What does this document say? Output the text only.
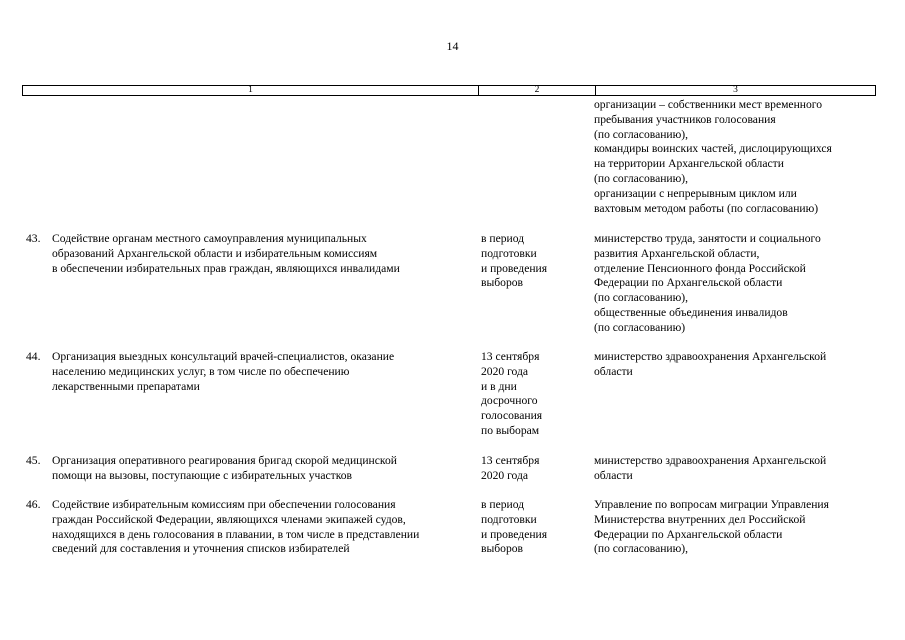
14
1	2	3
организации – собственники мест временного
пребывания участников голосования
(по согласованию),
командиры воинских частей, дислоцирующихся
на территории Архангельской области
(по согласованию),
организации с непрерывным циклом или
вахтовым методом работы (по согласованию)
43. Содействие органам местного самоуправления муниципальных
образований Архангельской области и избирательным комиссиям
в обеспечении избирательных прав граждан, являющихся инвалидами
в период
подготовки
и проведения
выборов
министерство труда, занятости и социального
развития Архангельской области,
отделение Пенсионного фонда Российской
Федерации по Архангельской области
(по согласованию),
общественные объединения инвалидов
(по согласованию)
44. Организация выездных консультаций врачей-специалистов, оказание
населению медицинских услуг, в том числе по обеспечению
лекарственными препаратами
13 сентября
2020 года
и в дни
досрочного
голосования
по выборам
министерство здравоохранения Архангельской
области
45. Организация оперативного реагирования бригад скорой медицинской
помощи на вызовы, поступающие с избирательных участков
13 сентября
2020 года
министерство здравоохранения Архангельской
области
46. Содействие избирательным комиссиям при обеспечении голосования
граждан Российской Федерации, являющихся членами экипажей судов,
находящихся в день голосования в плавании, в том числе в представлении
сведений для составления и уточнения списков избирателей
в период
подготовки
и проведения
выборов
Управление по вопросам миграции Управления
Министерства внутренних дел Российской
Федерации по Архангельской области
(по согласованию),
